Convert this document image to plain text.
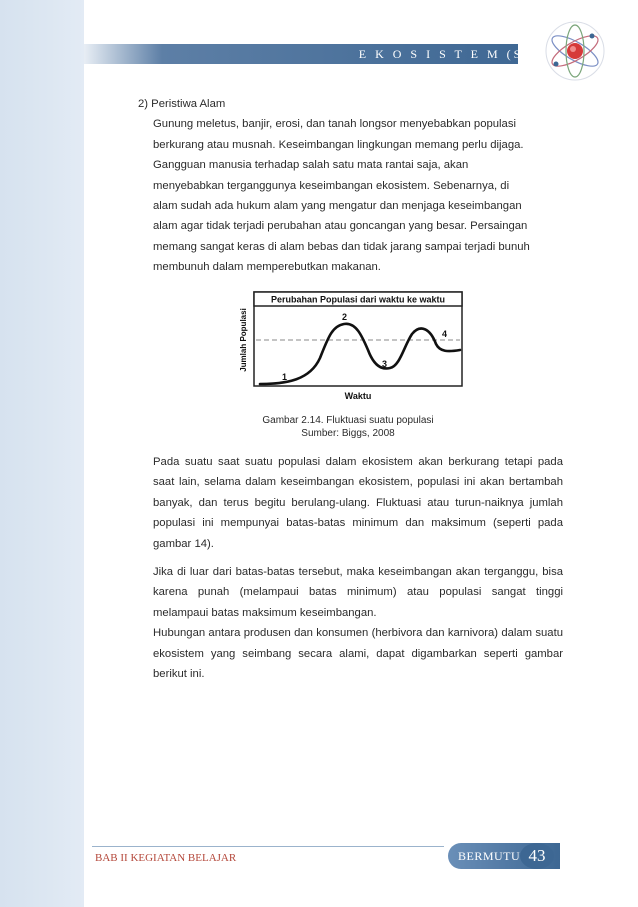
E K O S I S T E M (SD)
2) Peristiwa Alam
Gunung meletus, banjir, erosi, dan tanah longsor menyebabkan populasi
berkurang atau musnah. Keseimbangan lingkungan memang perlu dijaga.
Gangguan manusia terhadap salah satu mata rantai saja, akan
menyebabkan terganggunya keseimbangan ekosistem. Sebenarnya, di
alam sudah ada hukum alam yang mengatur dan menjaga keseimbangan
alam agar tidak terjadi perubahan atau goncangan yang besar. Persaingan
memang sangat keras di alam bebas dan tidak jarang sampai terjadi bunuh
membunuh dalam memperebutkan makanan.
Perubahan Populasi dari waktu ke waktu
Jumlah Populasi
Waktu
1
2
3
4
Gambar 2.14. Fluktuasi suatu populasi
Sumber: Biggs, 2008

Pada suatu saat suatu populasi dalam ekosistem akan berkurang tetapi pada saat lain, selama dalam keseimbangan ekosistem, populasi ini akan bertambah banyak, dan terus begitu berulang-ulang. Fluktuasi atau turun-naiknya jumlah populasi ini mempunyai batas-batas minimum dan maksimum (seperti pada gambar 14).

Jika di luar dari batas-batas tersebut, maka keseimbangan akan terganggu, bisa karena punah (melampaui batas minimum) atau populasi sangat tinggi melampaui batas maksimum keseimbangan.

Hubungan antara produsen dan konsumen (herbivora dan karnivora) dalam suatu ekosistem yang seimbang secara alami, dapat digambarkan seperti gambar berikut ini.

BAB II KEGIATAN BELAJAR	BERMUTU 43
